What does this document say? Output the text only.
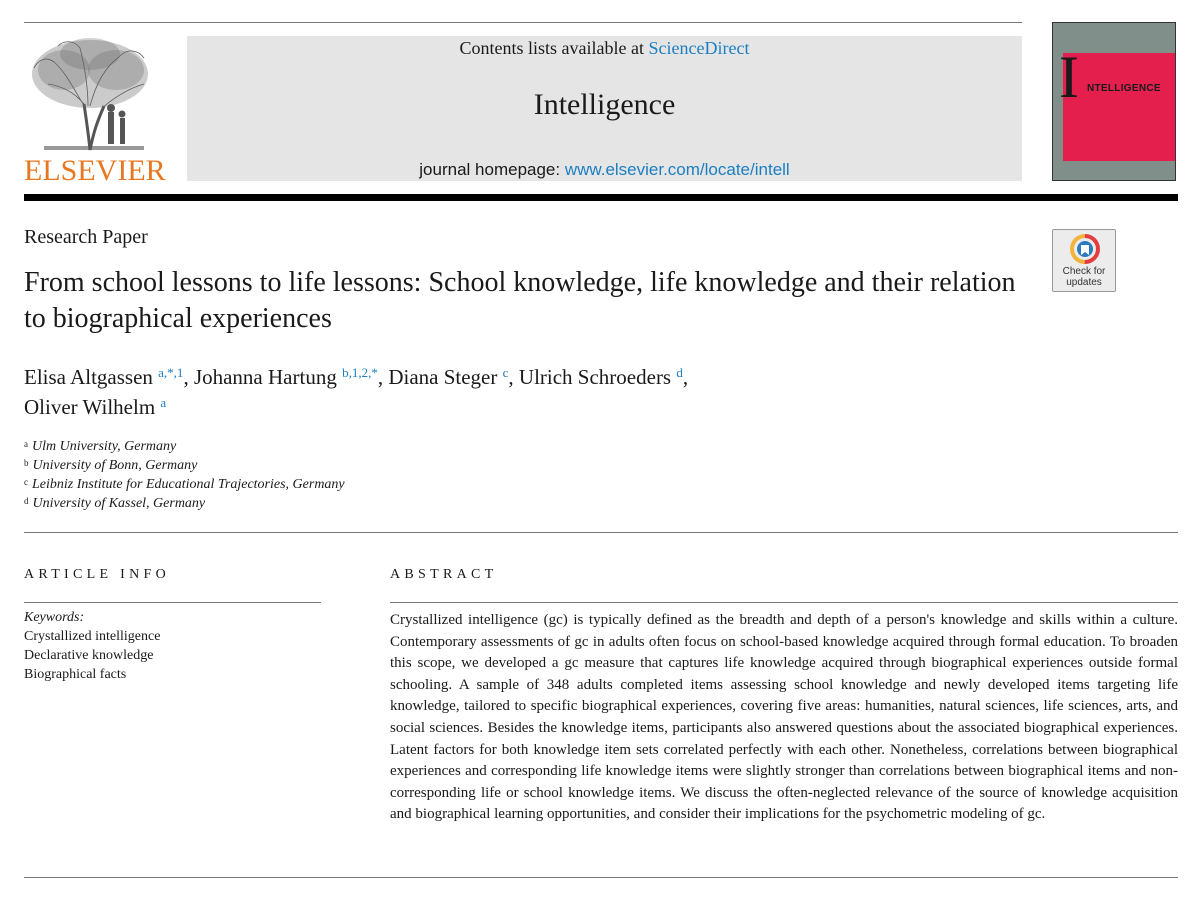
ELSEVIER
Contents lists available at ScienceDirect
Intelligence
journal homepage: www.elsevier.com/locate/intell
I NTELLIGENCE
Research Paper
From school lessons to life lessons: School knowledge, life knowledge and their relation to biographical experiences
Check for
updates
Elisa Altgassen $^{a,*,1}$, Johanna Hartung $^{b,1,2,*}$, Diana Steger $^c$, Ulrich Schroeders $^d$,
Oliver Wilhelm $^a$
$^a$ Ulm University, Germany
$^b$ University of Bonn, Germany
$^c$ Leibniz Institute for Educational Trajectories, Germany
$^d$ University of Kassel, Germany
ARTICLE INFO
Keywords:
Crystallized intelligence
Declarative knowledge
Biographical facts
ABSTRACT
Crystallized intelligence (gc) is typically defined as the breadth and depth of a person's knowledge and skills within a culture. Contemporary assessments of gc in adults often focus on school-based knowledge acquired through formal education. To broaden this scope, we developed a gc measure that captures life knowledge acquired through biographical experiences outside formal schooling. A sample of 348 adults completed items assessing school knowledge and newly developed items targeting life knowledge, tailored to specific biographical experiences, covering five areas: humanities, natural sciences, life sciences, arts, and social sciences. Besides the knowledge items, participants also answered questions about the associated biographical experiences. Latent factors for both knowledge item sets correlated perfectly with each other. Nonetheless, correlations between biographical experiences and corresponding life knowledge items were slightly stronger than correlations between biographical items and non-corresponding life or school knowledge items. We discuss the often-neglected relevance of the source of knowledge acquisition and biographical learning opportunities, and consider their implications for the psychometric modeling of gc.
